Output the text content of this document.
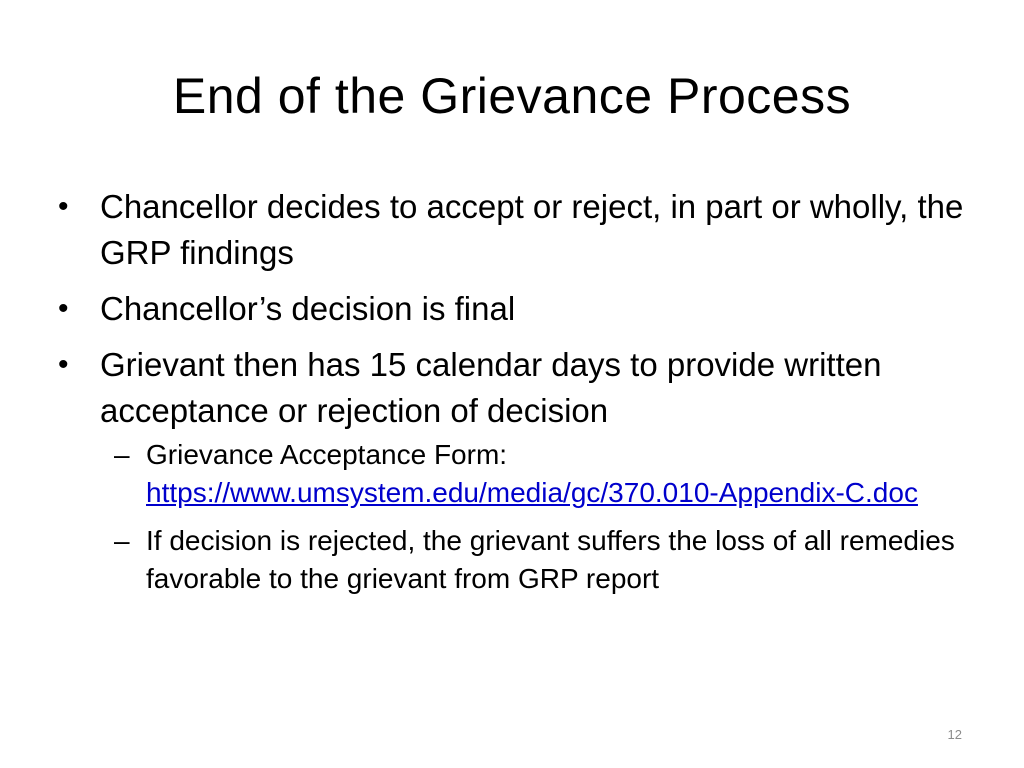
End of the Grievance Process
• Chancellor decides to accept or reject, in part or wholly, the GRP findings
• Chancellor’s decision is final
• Grievant then has 15 calendar days to provide written acceptance or rejection of decision
– Grievance Acceptance Form:
https://www.umsystem.edu/media/gc/370.010-Appendix-C.doc
– If decision is rejected, the grievant suffers the loss of all remedies favorable to the grievant from GRP report
12
